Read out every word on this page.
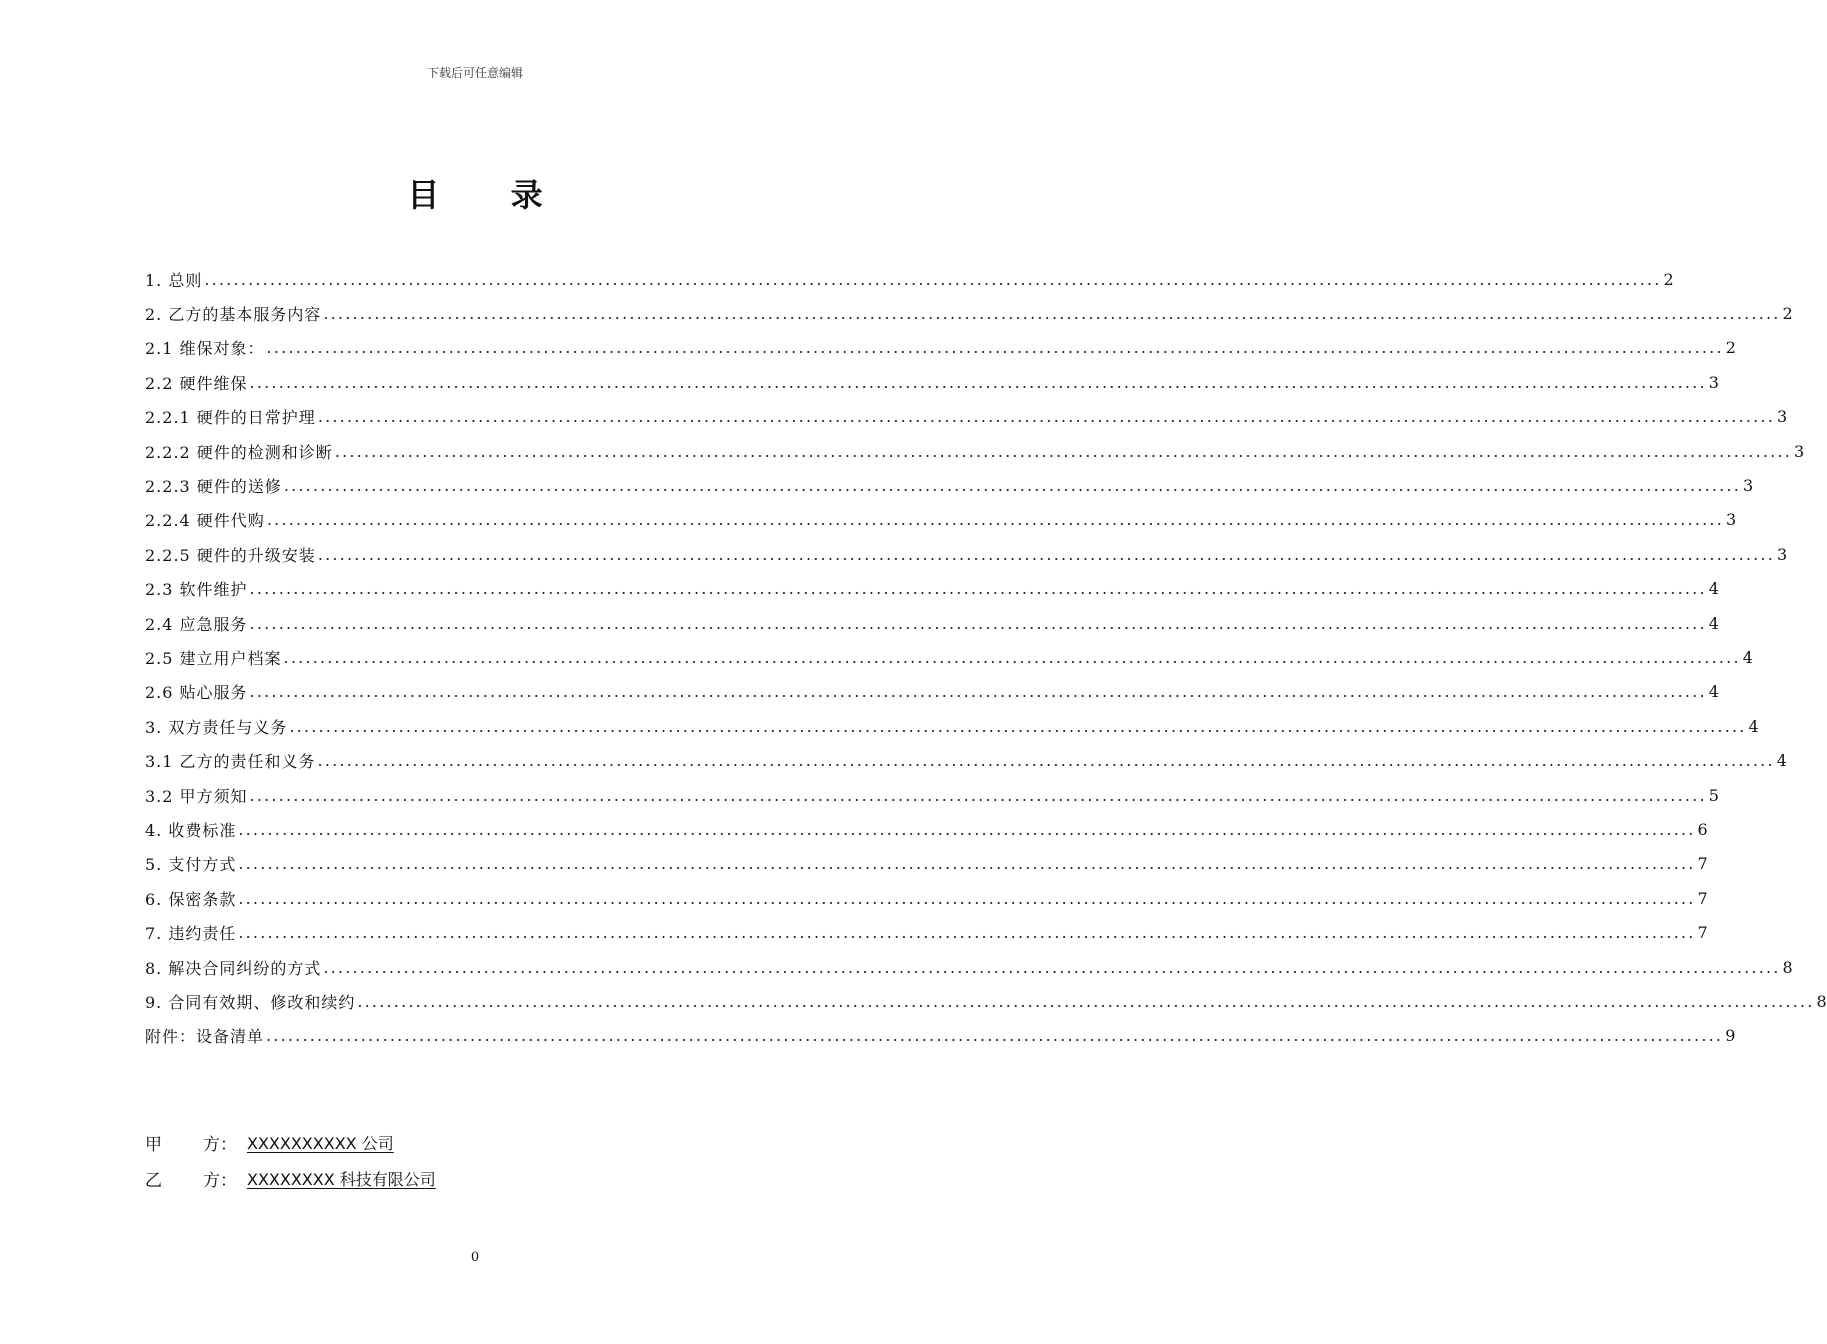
下载后可任意编辑
目 录
1. 总则 ........................................................................................................................................................................................................ 2
2. 乙方的基本服务内容 ........................................................................................................................................................................................................ 2
2.1 维保对象： ........................................................................................................................................................................................................ 2
2.2 硬件维保 ........................................................................................................................................................................................................ 3
2.2.1 硬件的日常护理 ........................................................................................................................................................................................................ 3
2.2.2 硬件的检测和诊断 ........................................................................................................................................................................................................ 3
2.2.3 硬件的送修 ........................................................................................................................................................................................................ 3
2.2.4 硬件代购 ........................................................................................................................................................................................................ 3
2.2.5 硬件的升级安装 ........................................................................................................................................................................................................ 3
2.3 软件维护 ........................................................................................................................................................................................................ 4
2.4 应急服务 ........................................................................................................................................................................................................ 4
2.5 建立用户档案 ........................................................................................................................................................................................................ 4
2.6 贴心服务 ........................................................................................................................................................................................................ 4
3. 双方责任与义务 ........................................................................................................................................................................................................ 4
3.1 乙方的责任和义务 ........................................................................................................................................................................................................ 4
3.2 甲方须知 ........................................................................................................................................................................................................ 5
4. 收费标准 ........................................................................................................................................................................................................ 6
5. 支付方式 ........................................................................................................................................................................................................ 7
6. 保密条款 ........................................................................................................................................................................................................ 7
7. 违约责任 ........................................................................................................................................................................................................ 7
8. 解决合同纠纷的方式 ........................................................................................................................................................................................................ 8
9. 合同有效期、修改和续约 ........................................................................................................................................................................................................ 8
附件：设备清单 ........................................................................................................................................................................................................ 9
甲	方： XXXXXXXXXX 公司
乙	方： XXXXXXXX 科技有限公司
0
